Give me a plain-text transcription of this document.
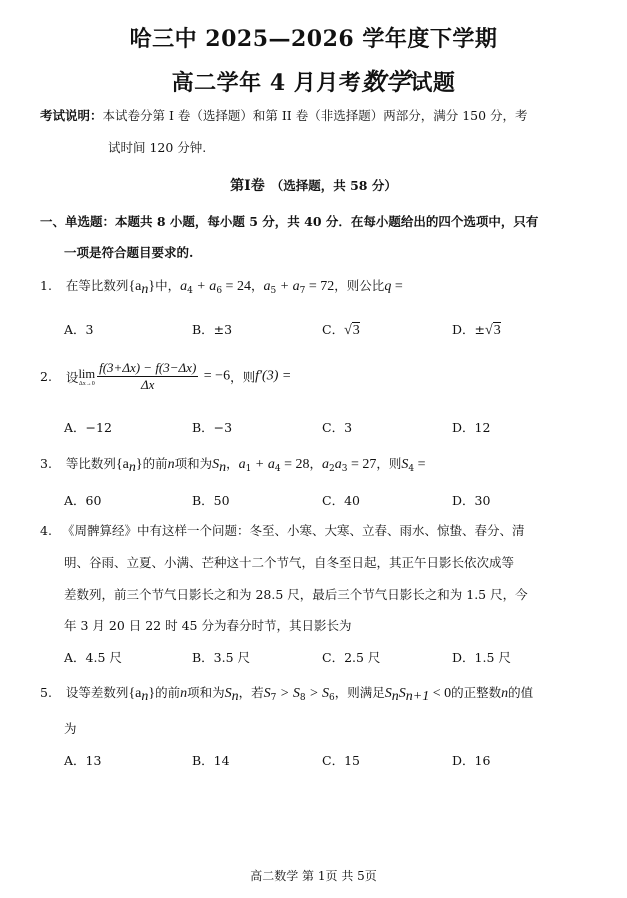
哈三中 2025—2026 学年度下学期
高二学年 4 月月考数学试题
考试说明：本试卷分第 I 卷（选择题）和第 II 卷（非选择题）两部分，满分 150 分，考
试时间 120 分钟.
第I卷 （选择题，共 58 分）
一、单选题：本题共 8 小题，每小题 5 分，共 40 分．在每小题给出的四个选项中，只有
一项是符合题目要求的.
1. 在等比数列$\{a_n\}$中，$a_4 + a_6 = 24$，$a_5 + a_7 = 72$，则公比q =
A．3	B．±3	C．√3	D．±√3
2. 设 lim
$\Delta x\to 0 \frac{f(3+\Delta x) - f(3-\Delta x)}{\Delta x} = -6$，则f′(3) =
A．−12	B．−3	C．3	D．12
3. 等比数列$\{a_n\}$的前n项和为$S_n$，$a_1 + a_4 = 28$，$a_2a_3 = 27$，则$S_4$ =
A．60	B．50	C．40	D．30
4. 《周髀算经》中有这样一个问题：冬至、小寒、大寒、立春、雨水、惊蛰、春分、清
明、谷雨、立夏、小满、芒种这十二个节气，自冬至日起，其正午日影长依次成等
差数列，前三个节气日影长之和为 28.5 尺，最后三个节气日影长之和为 1.5 尺，今
年 3 月 20 日 22 时 45 分为春分时节，其日影长为
A．4.5 尺	B．3.5 尺	C．2.5 尺	D．1.5 尺
5. 设等差数列$\{a_n\}$的前n项和为$S_n$，若$S_7 > S_8 > S_6$，则满足$S_nS_{n+1} < 0$的正整数n的值
为
A．13	B．14	C．15	D．16
高二数学 第 1页 共 5页
